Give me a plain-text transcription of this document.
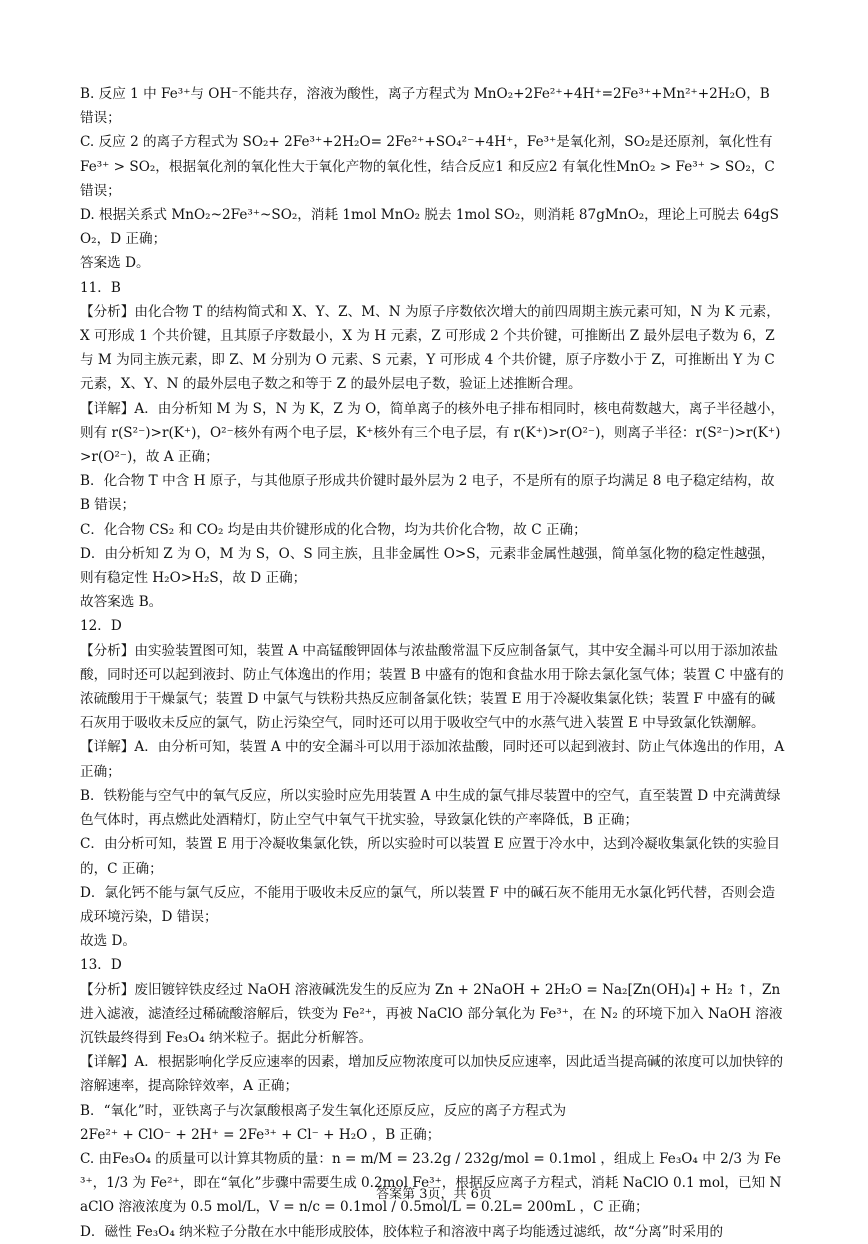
B. 反应 1 中 Fe³⁺与 OH⁻不能共存，溶液为酸性，离子方程式为 MnO₂+2Fe²⁺+4H⁺=2Fe³⁺+Mn²⁺+2H₂O，B 错误；

C. 反应 2 的离子方程式为 SO₂+ 2Fe³⁺+2H₂O= 2Fe²⁺+SO₄²⁻+4H⁺，Fe³⁺是氧化剂，SO₂是还原剂，氧化性有 Fe³⁺ > SO₂，根据氧化剂的氧化性大于氧化产物的氧化性，结合反应1 和反应2 有氧化性MnO₂ > Fe³⁺ > SO₂，C 错误；

D. 根据关系式 MnO₂~2Fe³⁺~SO₂，消耗 1mol MnO₂ 脱去 1mol SO₂，则消耗 87gMnO₂，理论上可脱去 64gSO₂，D 正确；

答案选 D。

11．B

【分析】由化合物 T 的结构简式和 X、Y、Z、M、N 为原子序数依次增大的前四周期主族元素可知，N 为 K 元素，X 可形成 1 个共价键，且其原子序数最小，X 为 H 元素，Z 可形成 2 个共价键，可推断出 Z 最外层电子数为 6，Z 与 M 为同主族元素，即 Z、M 分别为 O 元素、S 元素，Y 可形成 4 个共价键，原子序数小于 Z，可推断出 Y 为 C 元素，X、Y、N 的最外层电子数之和等于 Z 的最外层电子数，验证上述推断合理。

【详解】A．由分析知 M 为 S，N 为 K，Z 为 O，简单离子的核外电子排布相同时，核电荷数越大，离子半径越小，则有 r(S²⁻)>r(K⁺)，O²⁻核外有两个电子层，K⁺核外有三个电子层，有 r(K⁺)>r(O²⁻)，则离子半径：r(S²⁻)>r(K⁺)>r(O²⁻)，故 A 正确；

B．化合物 T 中含 H 原子，与其他原子形成共价键时最外层为 2 电子，不是所有的原子均满足 8 电子稳定结构，故 B 错误；

C．化合物 CS₂ 和 CO₂ 均是由共价键形成的化合物，均为共价化合物，故 C 正确；

D．由分析知 Z 为 O，M 为 S，O、S 同主族，且非金属性 O>S，元素非金属性越强，简单氢化物的稳定性越强，则有稳定性 H₂O>H₂S，故 D 正确；

故答案选 B。

12．D

【分析】由实验装置图可知，装置 A 中高锰酸钾固体与浓盐酸常温下反应制备氯气，其中安全漏斗可以用于添加浓盐酸，同时还可以起到液封、防止气体逸出的作用；装置 B 中盛有的饱和食盐水用于除去氯化氢气体；装置 C 中盛有的浓硫酸用于干燥氯气；装置 D 中氯气与铁粉共热反应制备氯化铁；装置 E 用于冷凝收集氯化铁；装置 F 中盛有的碱石灰用于吸收未反应的氯气，防止污染空气，同时还可以用于吸收空气中的水蒸气进入装置 E 中导致氯化铁潮解。

【详解】A．由分析可知，装置 A 中的安全漏斗可以用于添加浓盐酸，同时还可以起到液封、防止气体逸出的作用，A 正确；

B．铁粉能与空气中的氧气反应，所以实验时应先用装置 A 中生成的氯气排尽装置中的空气，直至装置 D 中充满黄绿色气体时，再点燃此处酒精灯，防止空气中氧气干扰实验，导致氯化铁的产率降低，B 正确；

C．由分析可知，装置 E 用于冷凝收集氯化铁，所以实验时可以装置 E 应置于冷水中，达到冷凝收集氯化铁的实验目的，C 正确；

D．氯化钙不能与氯气反应，不能用于吸收未反应的氯气，所以装置 F 中的碱石灰不能用无水氯化钙代替，否则会造成环境污染，D 错误；

故选 D。

13．D

【分析】废旧镀锌铁皮经过 NaOH 溶液碱洗发生的反应为 Zn + 2NaOH + 2H₂O = Na₂[Zn(OH)₄] + H₂ ↑，Zn 进入滤液，滤渣经过稀硫酸溶解后，铁变为 Fe²⁺，再被 NaClO 部分氧化为 Fe³⁺，在 N₂ 的环境下加入 NaOH 溶液沉铁最终得到 Fe₃O₄ 纳米粒子。据此分析解答。

【详解】A．根据影响化学反应速率的因素，增加反应物浓度可以加快反应速率，因此适当提高碱的浓度可以加快锌的溶解速率，提高除锌效率，A 正确；

B．“氧化”时，亚铁离子与次氯酸根离子发生氧化还原反应，反应的离子方程式为

2Fe²⁺ + ClO⁻ + 2H⁺ = 2Fe³⁺ + Cl⁻ + H₂O ，B 正确；

C. 由Fe₃O₄ 的质量可以计算其物质的量：n = m/M = 23.2g / 232g/mol = 0.1mol ，组成上 Fe₃O₄ 中 2/3 为 Fe³⁺，1/3 为 Fe²⁺，即在“氧化”步骤中需要生成 0.2mol Fe³⁺，根据反应离子方程式，消耗 NaClO 0.1 mol，已知 NaClO 溶液浓度为 0.5 mol/L，V = n/c = 0.1mol / 0.5mol/L = 0.2L= 200mL ，C 正确；

D．磁性 Fe₃O₄ 纳米粒子分散在水中能形成胶体，胶体粒子和溶液中离子均能透过滤纸，故“分离”时采用的

答案第 3页，共 6页
